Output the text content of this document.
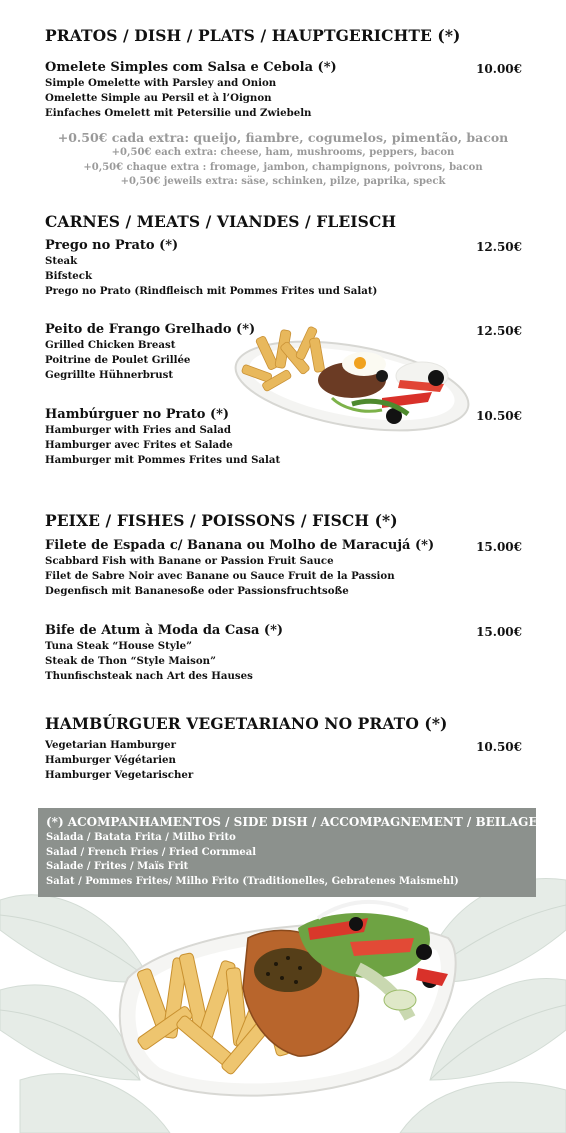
PRATOS / DISH / PLATS / HAUPTGERICHTE (*)
Omelete Simples com Salsa e Cebola (*)
Simple Omelette with Parsley and Onion
Omelette Simple au Persil et à l’Oignon
Einfaches Omelett mit Petersilie und Zwiebeln
10.00€
+0.50€ cada extra: queijo, fiambre, cogumelos, pimentão, bacon
+0,50€ each extra: cheese, ham, mushrooms, peppers, bacon
+0,50€ chaque extra : fromage, jambon, champignons, poivrons, bacon
+0,50€ jeweils extra: säse, schinken, pilze, paprika, speck
CARNES / MEATS / VIANDES / FLEISCH
Prego no Prato (*)
Steak
Bifsteck
Prego no Prato (Rindfleisch mit Pommes Frites und Salat)
12.50€
Peito de Frango Grelhado (*)
Grilled Chicken Breast
Poitrine de Poulet Grillée
Gegrillte Hühnerbrust
12.50€
Hambúrguer no Prato (*)
Hamburger with Fries and Salad
Hamburger avec Frites et Salade
Hamburger mit Pommes Frites und Salat
10.50€
PEIXE / FISHES / POISSONS / FISCH (*)
Filete de Espada c/ Banana ou Molho de Maracujá (*)
Scabbard Fish with Banane or Passion Fruit Sauce
Filet de Sabre Noir avec Banane ou Sauce Fruit de la Passion
Degenfisch mit Bananesoße oder Passionsfruchtsoße
15.00€
Bife de Atum à Moda da Casa (*)
Tuna Steak “House Style”
Steak de Thon “Style Maison”
Thunfischsteak nach Art des Hauses
15.00€
HAMBÚRGUER VEGETARIANO NO PRATO (*)
Vegetarian Hamburger
Hamburger Végétarien
Hamburger Vegetarischer
10.50€
(*) ACOMPANHAMENTOS / SIDE DISH / ACCOMPAGNEMENT / BEILAGEN
Salada / Batata Frita / Milho Frito
Salad / French Fries / Fried Cornmeal
Salade / Frites / Maïs Frit
Salat / Pommes Frites/ Milho Frito (Traditionelles, Gebratenes Maismehl)
